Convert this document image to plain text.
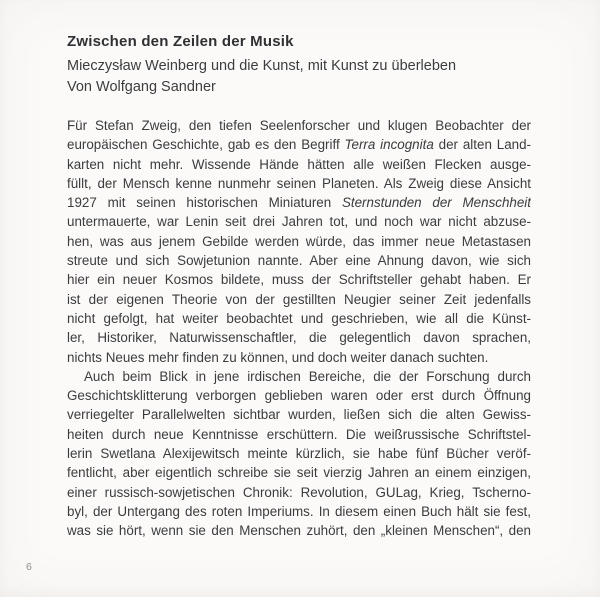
Zwischen den Zeilen der Musik
Mieczysław Weinberg und die Kunst, mit Kunst zu überleben
Von Wolfgang Sandner
Für Stefan Zweig, den tiefen Seelenforscher und klugen Beobachter der
europäischen Geschichte, gab es den Begriff Terra incognita der alten Land-
karten nicht mehr. Wissende Hände hätten alle weißen Flecken ausge-
füllt, der Mensch kenne nunmehr seinen Planeten. Als Zweig diese Ansicht
1927 mit seinen historischen Miniaturen Sternstunden der Menschheit
untermauerte, war Lenin seit drei Jahren tot, und noch war nicht abzuse-
hen, was aus jenem Gebilde werden würde, das immer neue Metastasen
streute und sich Sowjetunion nannte. Aber eine Ahnung davon, wie sich
hier ein neuer Kosmos bildete, muss der Schriftsteller gehabt haben. Er
ist der eigenen Theorie von der gestillten Neugier seiner Zeit jedenfalls
nicht gefolgt, hat weiter beobachtet und geschrieben, wie all die Künst-
ler, Historiker, Naturwissenschaftler, die gelegentlich davon sprachen,
nichts Neues mehr finden zu können, und doch weiter danach suchten.
Auch beim Blick in jene irdischen Bereiche, die der Forschung durch
Geschichtsklitterung verborgen geblieben waren oder erst durch Öffnung
verriegelter Parallelwelten sichtbar wurden, ließen sich die alten Gewiss-
heiten durch neue Kenntnisse erschüttern. Die weißrussische Schriftstel-
lerin Swetlana Alexijewitsch meinte kürzlich, sie habe fünf Bücher veröf-
fentlicht, aber eigentlich schreibe sie seit vierzig Jahren an einem einzigen,
einer russisch-sowjetischen Chronik: Revolution, GULag, Krieg, Tscherno-
byl, der Untergang des roten Imperiums. In diesem einen Buch hält sie fest,
was sie hört, wenn sie den Menschen zuhört, den „kleinen Menschen“, den
6
